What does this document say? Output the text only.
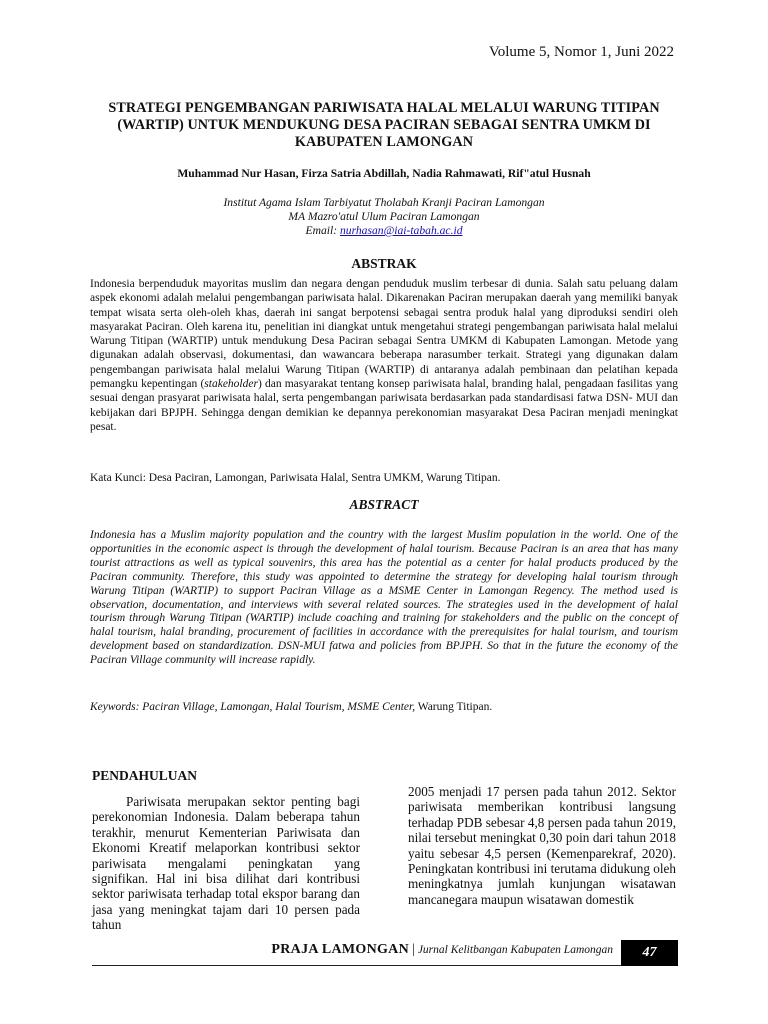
Volume 5, Nomor 1, Juni 2022
STRATEGI PENGEMBANGAN PARIWISATA HALAL MELALUI WARUNG TITIPAN (WARTIP) UNTUK MENDUKUNG DESA PACIRAN SEBAGAI SENTRA UMKM DI KABUPATEN LAMONGAN
Muhammad Nur Hasan, Firza Satria Abdillah, Nadia Rahmawati, Rif"atul Husnah
Institut Agama Islam Tarbiyatut Tholabah Kranji Paciran Lamongan
MA Mazro'atul Ulum Paciran Lamongan
Email: nurhasan@iai-tabah.ac.id
ABSTRAK
Indonesia berpenduduk mayoritas muslim dan negara dengan penduduk muslim terbesar di dunia. Salah satu peluang dalam aspek ekonomi adalah melalui pengembangan pariwisata halal. Dikarenakan Paciran merupakan daerah yang memiliki banyak tempat wisata serta oleh-oleh khas, daerah ini sangat berpotensi sebagai sentra produk halal yang diproduksi sendiri oleh masyarakat Paciran. Oleh karena itu, penelitian ini diangkat untuk mengetahui strategi pengembangan pariwisata halal melalui Warung Titipan (WARTIP) untuk mendukung Desa Paciran sebagai Sentra UMKM di Kabupaten Lamongan. Metode yang digunakan adalah observasi, dokumentasi, dan wawancara beberapa narasumber terkait. Strategi yang digunakan dalam pengembangan pariwisata halal melalui Warung Titipan (WARTIP) di antaranya adalah pembinaan dan pelatihan kepada pemangku kepentingan (stakeholder) dan masyarakat tentang konsep pariwisata halal, branding halal, pengadaan fasilitas yang sesuai dengan prasyarat pariwisata halal, serta pengembangan pariwisata berdasarkan pada standardisasi fatwa DSN- MUI dan kebijakan dari BPJPH. Sehingga dengan demikian ke depannya perekonomian masyarakat Desa Paciran menjadi meningkat pesat.
Kata Kunci: Desa Paciran, Lamongan, Pariwisata Halal, Sentra UMKM, Warung Titipan.
ABSTRACT
Indonesia has a Muslim majority population and the country with the largest Muslim population in the world. One of the opportunities in the economic aspect is through the development of halal tourism. Because Paciran is an area that has many tourist attractions as well as typical souvenirs, this area has the potential as a center for halal products produced by the Paciran community. Therefore, this study was appointed to determine the strategy for developing halal tourism through Warung Titipan (WARTIP) to support Paciran Village as a MSME Center in Lamongan Regency. The method used is observation, documentation, and interviews with several related sources. The strategies used in the development of halal tourism through Warung Titipan (WARTIP) include coaching and training for stakeholders and the public on the concept of halal tourism, halal branding, procurement of facilities in accordance with the prerequisites for halal tourism, and tourism development based on standardization. DSN-MUI fatwa and policies from BPJPH. So that in the future the economy of the Paciran Village community will increase rapidly.
Keywords: Paciran Village, Lamongan, Halal Tourism, MSME Center, Warung Titipan.
PENDAHULUAN
Pariwisata merupakan sektor penting bagi perekonomian Indonesia. Dalam beberapa tahun terakhir, menurut Kementerian Pariwisata dan Ekonomi Kreatif melaporkan kontribusi sektor pariwisata mengalami peningkatan yang signifikan. Hal ini bisa dilihat dari kontribusi sektor pariwisata terhadap total ekspor barang dan jasa yang meningkat tajam dari 10 persen pada tahun
2005 menjadi 17 persen pada tahun 2012. Sektor pariwisata memberikan kontribusi langsung terhadap PDB sebesar 4,8 persen pada tahun 2019, nilai tersebut meningkat 0,30 poin dari tahun 2018 yaitu sebesar 4,5 persen (Kemenparekraf, 2020). Peningkatan kontribusi ini terutama didukung oleh meningkatnya jumlah kunjungan wisatawan mancanegara maupun wisatawan domestik
PRAJA LAMONGAN | Jurnal Kelitbangan Kabupaten Lamongan	47
